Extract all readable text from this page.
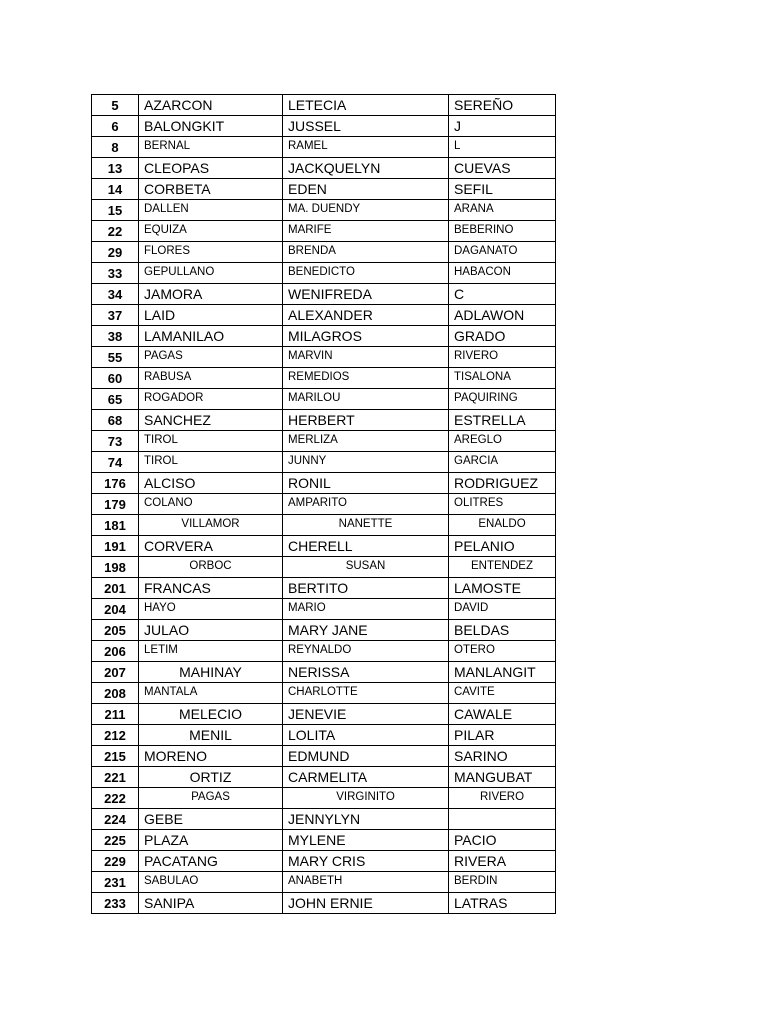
5	AZARCON	LETECIA	SEREÑO
6	BALONGKIT	JUSSEL	J
8	BERNAL	RAMEL	L
13	CLEOPAS	JACKQUELYN	CUEVAS
14	CORBETA	EDEN	SEFIL
15	DALLEN	MA. DUENDY	ARANA
22	EQUIZA	MARIFE	BEBERINO
29	FLORES	BRENDA	DAGANATO
33	GEPULLANO	BENEDICTO	HABACON
34	JAMORA	WENIFREDA	C
37	LAID	ALEXANDER	ADLAWON
38	LAMANILAO	MILAGROS	GRADO
55	PAGAS	MARVIN	RIVERO
60	RABUSA	REMEDIOS	TISALONA
65	ROGADOR	MARILOU	PAQUIRING
68	SANCHEZ	HERBERT	ESTRELLA
73	TIROL	MERLIZA	AREGLO
74	TIROL	JUNNY	GARCIA
176	ALCISO	RONIL	RODRIGUEZ
179	COLANO	AMPARITO	OLITRES
181	VILLAMOR	NANETTE	ENALDO
191	CORVERA	CHERELL	PELANIO
198	ORBOC	SUSAN	ENTENDEZ
201	FRANCAS	BERTITO	LAMOSTE
204	HAYO	MARIO	DAVID
205	JULAO	MARY JANE	BELDAS
206	LETIM	REYNALDO	OTERO
207	MAHINAY	NERISSA	MANLANGIT
208	MANTALA	CHARLOTTE	CAVITE
211	MELECIO	JENEVIE	CAWALE
212	MENIL	LOLITA	PILAR
215	MORENO	EDMUND	SARINO
221	ORTIZ	CARMELITA	MANGUBAT
222	PAGAS	VIRGINITO	RIVERO
224	GEBE	JENNYLYN	
225	PLAZA	MYLENE	PACIO
229	PACATANG	MARY CRIS	RIVERA
231	SABULAO	ANABETH	BERDIN
233	SANIPA	JOHN ERNIE	LATRAS
